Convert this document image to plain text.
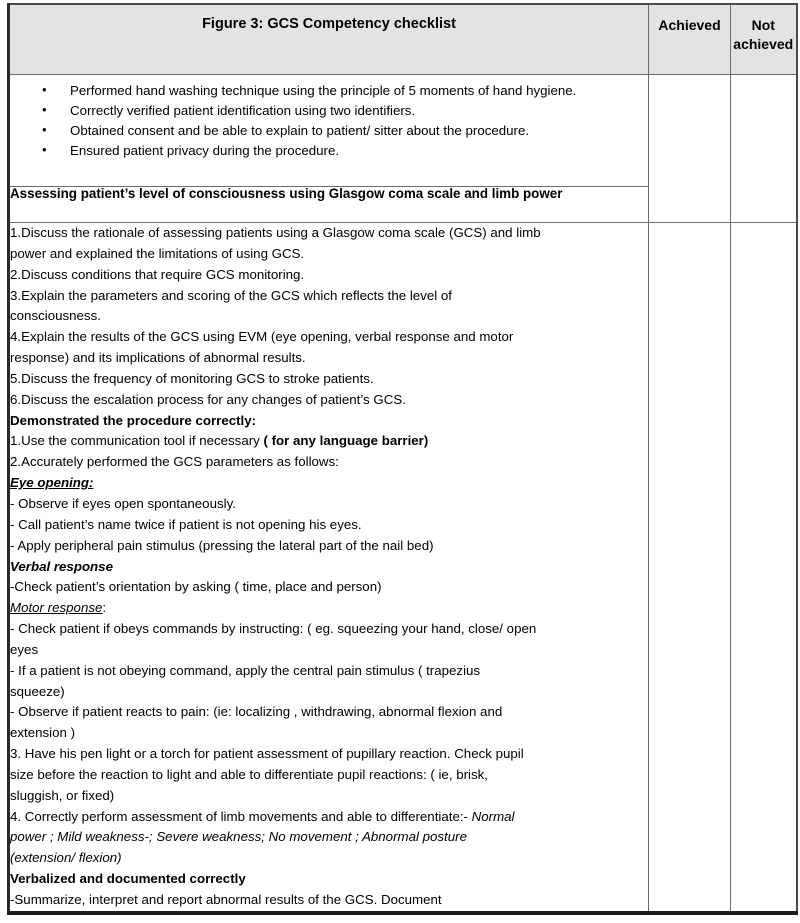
Figure 3: GCS Competency checklist	Achieved	Not
achieved

• Performed hand washing technique using the principle of 5 moments of hand hygiene.
• Correctly verified patient identification using two identifiers.
• Obtained consent and be able to explain to patient/ sitter about the procedure.
• Ensured patient privacy during the procedure.

Assessing patient’s level of consciousness using Glasgow coma scale and limb power		

1.Discuss the rationale of assessing patients using a Glasgow coma scale (GCS) and limb
power and explained the limitations of using GCS.
2.Discuss conditions that require GCS monitoring.
3.Explain the parameters and scoring of the GCS which reflects the level of
consciousness.
4.Explain the results of the GCS using EVM (eye opening, verbal response and motor
response) and its implications of abnormal results.
5.Discuss the frequency of monitoring GCS to stroke patients.
6.Discuss the escalation process for any changes of patient’s GCS.
Demonstrated the procedure correctly:
1.Use the communication tool if necessary ( for any language barrier)
2.Accurately performed the GCS parameters as follows:
Eye opening:
- Observe if eyes open spontaneously.
- Call patient’s name twice if patient is not opening his eyes.
- Apply peripheral pain stimulus (pressing the lateral part of the nail bed)
Verbal response
-Check patient’s orientation by asking ( time, place and person)
Motor response:
- Check patient if obeys commands by instructing: ( eg. squeezing your hand, close/ open
eyes
- If a patient is not obeying command, apply the central pain stimulus ( trapezius
squeeze)
- Observe if patient reacts to pain: (ie: localizing , withdrawing, abnormal flexion and
extension )
3. Have his pen light or a torch for patient assessment of pupillary reaction. Check pupil
size before the reaction to light and able to differentiate pupil reactions: ( ie, brisk,
sluggish, or fixed)
4. Correctly perform assessment of limb movements and able to differentiate:- Normal
power ; Mild weakness-; Severe weakness; No movement ; Abnormal posture
(extension/ flexion)
Verbalized and documented correctly
-Summarize, interpret and report abnormal results of the GCS. Document
